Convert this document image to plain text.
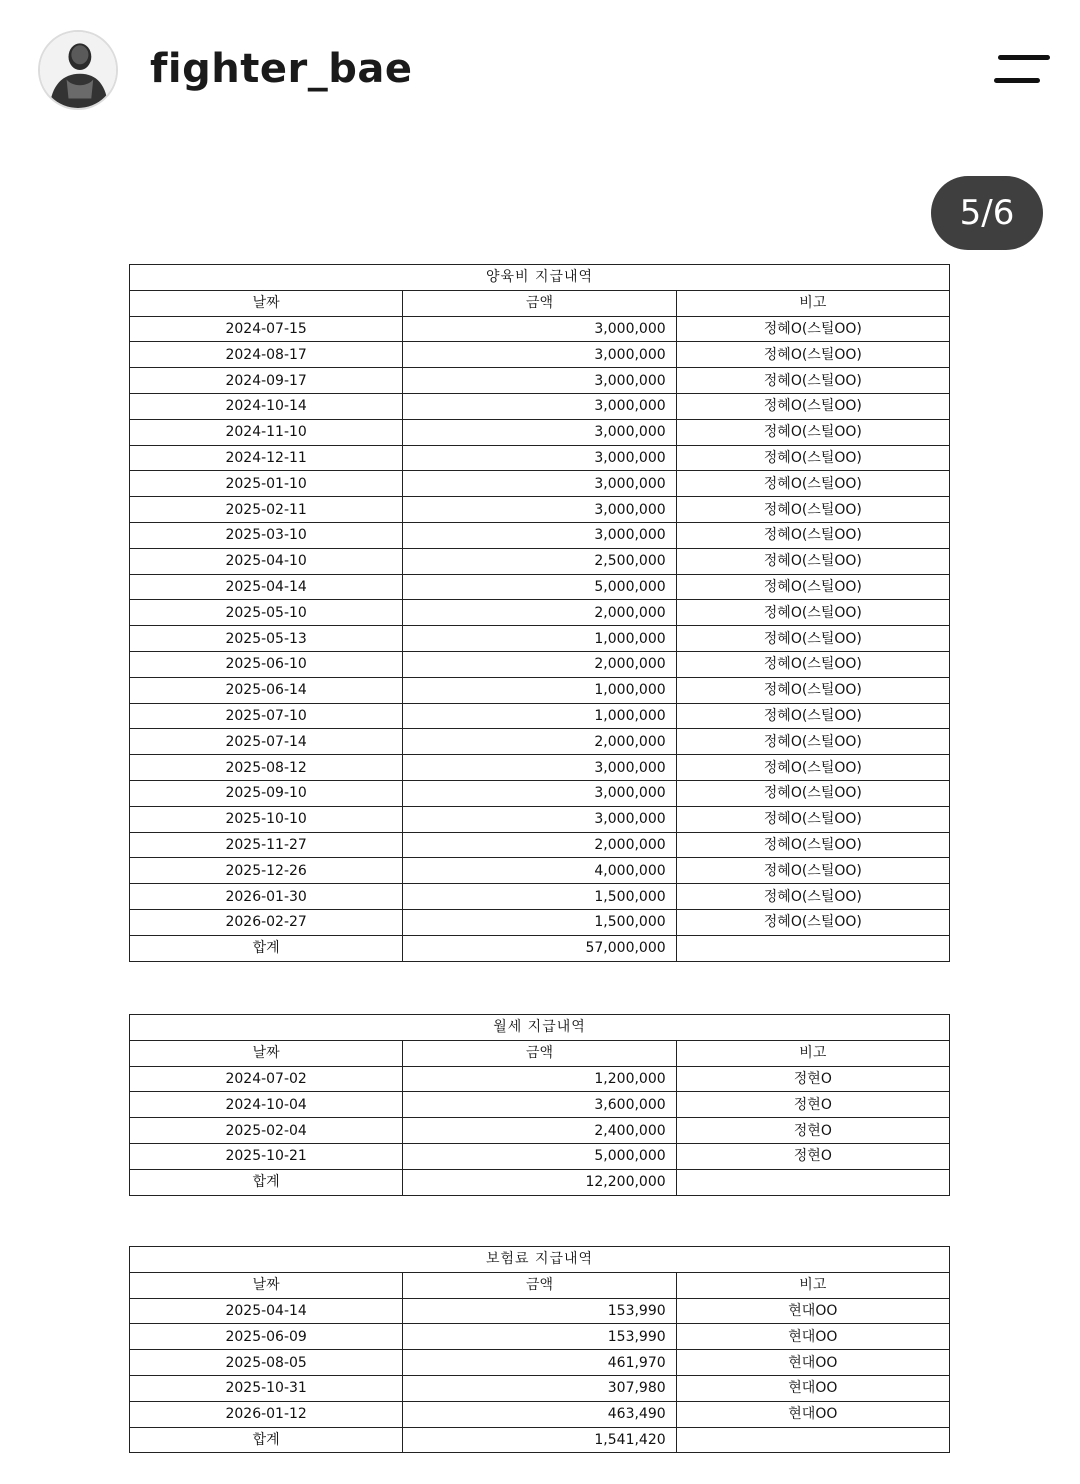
fighter_bae
5/6
양육비 지급내역		
날짜	금액	비고
2024-07-15	3,000,000	정혜O(스틸OO)
2024-08-17	3,000,000	정혜O(스틸OO)
2024-09-17	3,000,000	정혜O(스틸OO)
2024-10-14	3,000,000	정혜O(스틸OO)
2024-11-10	3,000,000	정혜O(스틸OO)
2024-12-11	3,000,000	정혜O(스틸OO)
2025-01-10	3,000,000	정혜O(스틸OO)
2025-02-11	3,000,000	정혜O(스틸OO)
2025-03-10	3,000,000	정혜O(스틸OO)
2025-04-10	2,500,000	정혜O(스틸OO)
2025-04-14	5,000,000	정혜O(스틸OO)
2025-05-10	2,000,000	정혜O(스틸OO)
2025-05-13	1,000,000	정혜O(스틸OO)
2025-06-10	2,000,000	정혜O(스틸OO)
2025-06-14	1,000,000	정혜O(스틸OO)
2025-07-10	1,000,000	정혜O(스틸OO)
2025-07-14	2,000,000	정혜O(스틸OO)
2025-08-12	3,000,000	정혜O(스틸OO)
2025-09-10	3,000,000	정혜O(스틸OO)
2025-10-10	3,000,000	정혜O(스틸OO)
2025-11-27	2,000,000	정혜O(스틸OO)
2025-12-26	4,000,000	정혜O(스틸OO)
2026-01-30	1,500,000	정혜O(스틸OO)
2026-02-27	1,500,000	정혜O(스틸OO)
합계	57,000,000	
월세 지급내역		
날짜	금액	비고
2024-07-02	1,200,000	정현O
2024-10-04	3,600,000	정현O
2025-02-04	2,400,000	정현O
2025-10-21	5,000,000	정현O
합계	12,200,000	
보험료 지급내역		
날짜	금액	비고
2025-04-14	153,990	현대OO
2025-06-09	153,990	현대OO
2025-08-05	461,970	현대OO
2025-10-31	307,980	현대OO
2026-01-12	463,490	현대OO
합계	1,541,420	
